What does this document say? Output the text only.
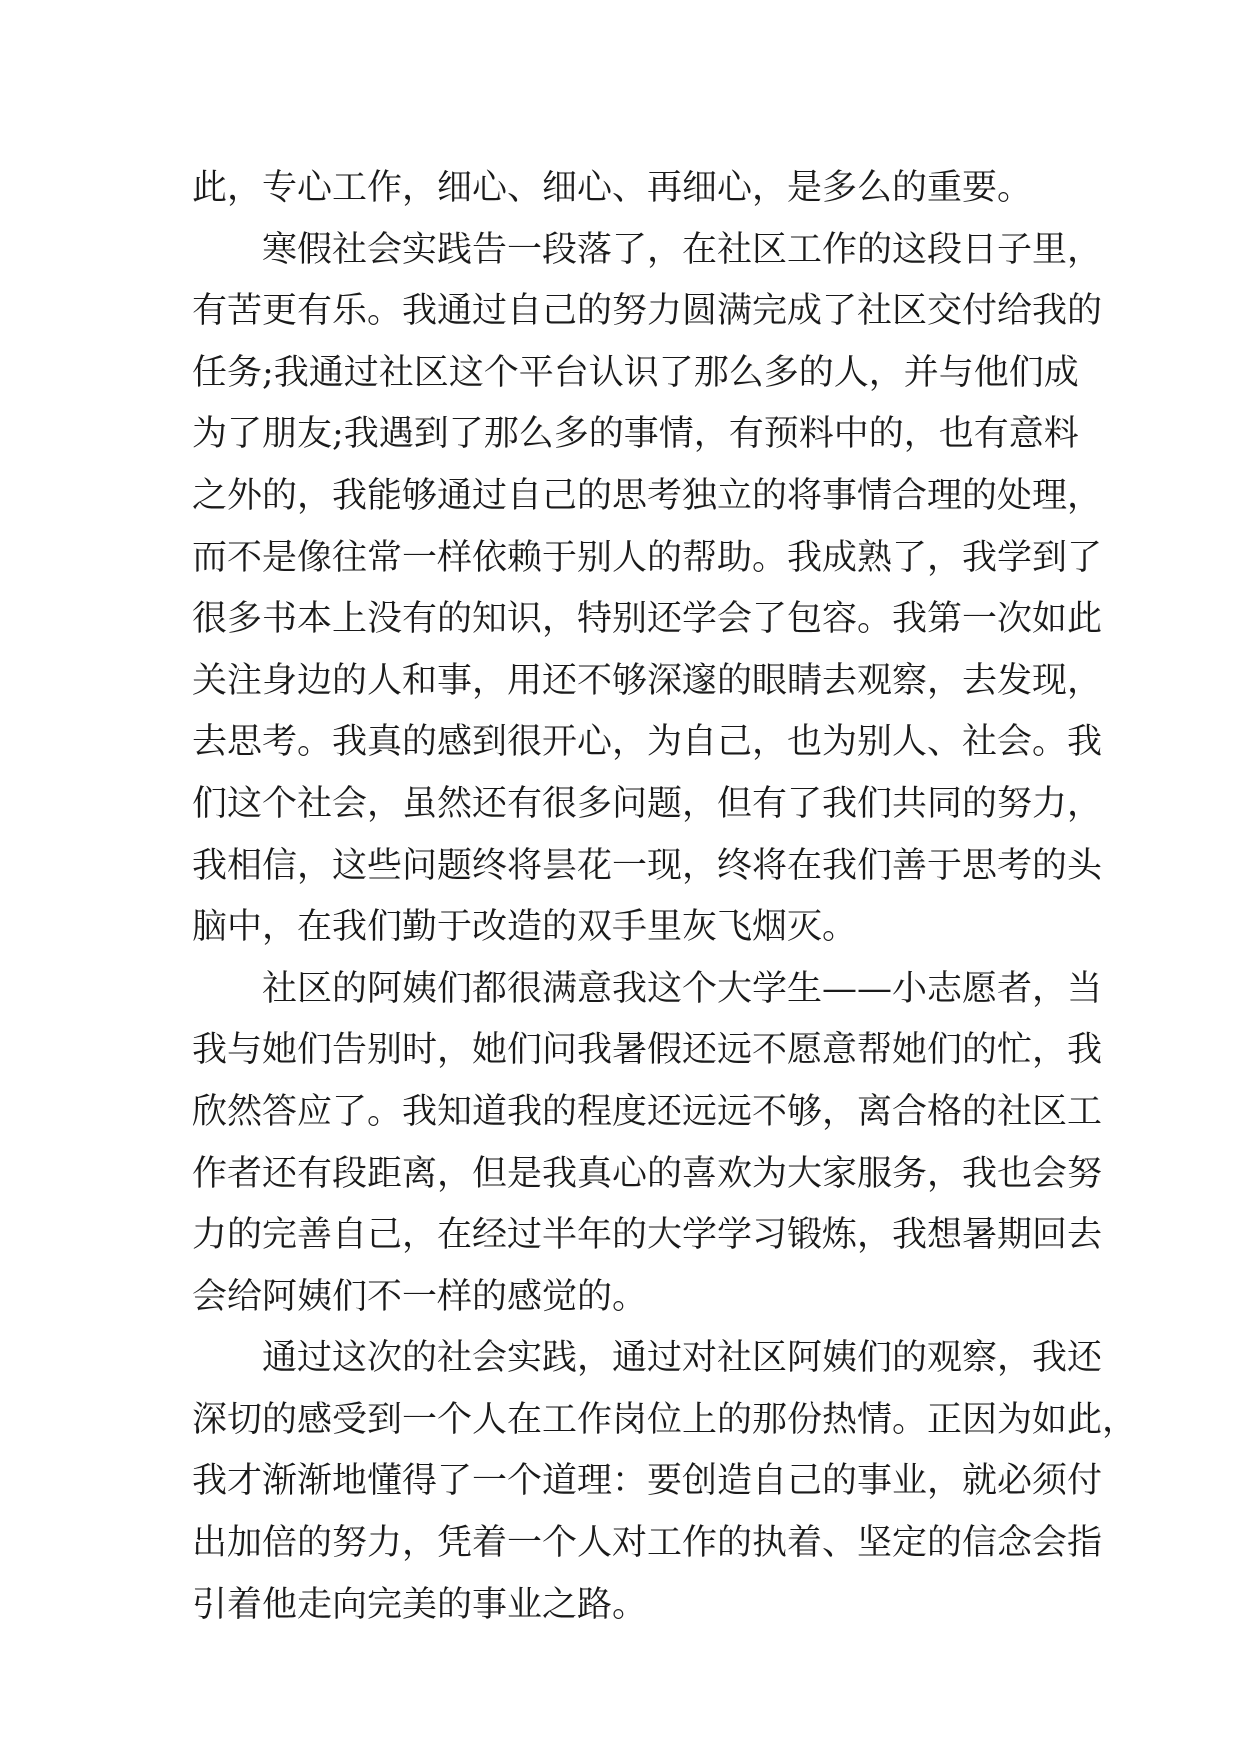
此，专心工作，细心、细心、再细心，是多么的重要。
寒假社会实践告一段落了，在社区工作的这段日子里，
有苦更有乐。我通过自己的努力圆满完成了社区交付给我的
任务;我通过社区这个平台认识了那么多的人，并与他们成
为了朋友;我遇到了那么多的事情，有预料中的，也有意料
之外的，我能够通过自己的思考独立的将事情合理的处理，
而不是像往常一样依赖于别人的帮助。我成熟了，我学到了
很多书本上没有的知识，特别还学会了包容。我第一次如此
关注身边的人和事，用还不够深邃的眼睛去观察，去发现，
去思考。我真的感到很开心，为自己，也为别人、社会。我
们这个社会，虽然还有很多问题，但有了我们共同的努力，
我相信，这些问题终将昙花一现，终将在我们善于思考的头
脑中，在我们勤于改造的双手里灰飞烟灭。
社区的阿姨们都很满意我这个大学生——小志愿者，当
我与她们告别时，她们问我暑假还远不愿意帮她们的忙，我
欣然答应了。我知道我的程度还远远不够，离合格的社区工
作者还有段距离，但是我真心的喜欢为大家服务，我也会努
力的完善自己，在经过半年的大学学习锻炼，我想暑期回去
会给阿姨们不一样的感觉的。
通过这次的社会实践，通过对社区阿姨们的观察，我还
深切的感受到一个人在工作岗位上的那份热情。正因为如此，
我才渐渐地懂得了一个道理：要创造自己的事业，就必须付
出加倍的努力，凭着一个人对工作的执着、坚定的信念会指
引着他走向完美的事业之路。
